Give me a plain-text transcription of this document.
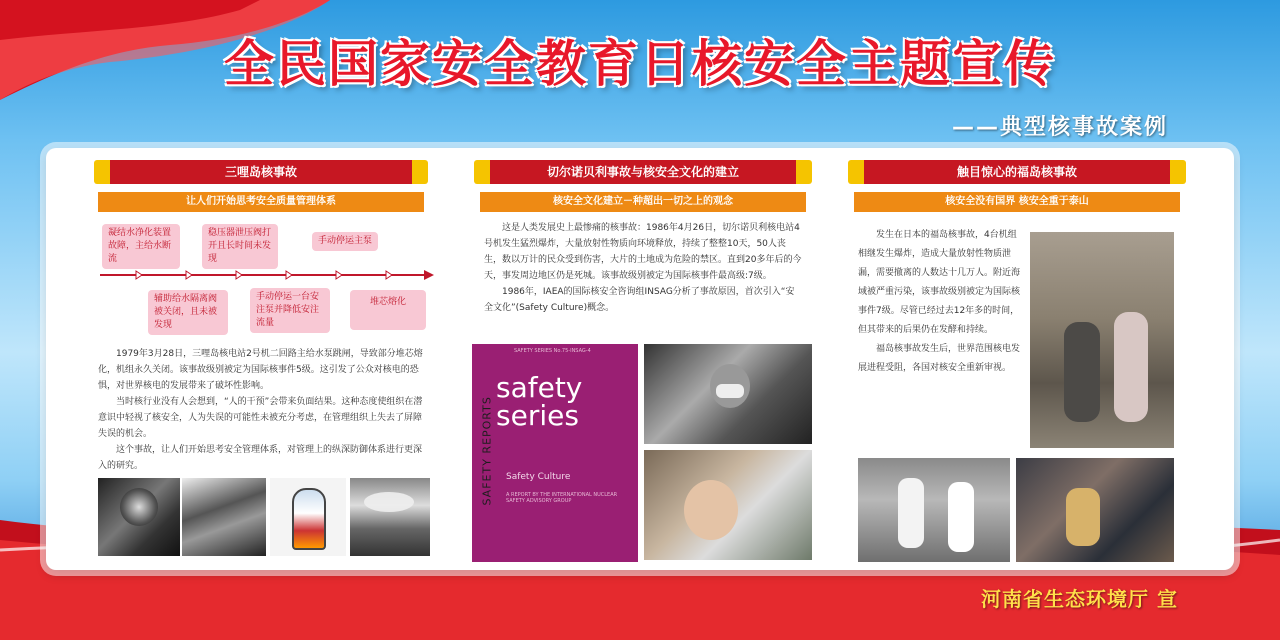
全民国家安全教育日核安全主题宣传
——典型核事故案例
三哩岛核事故
让人们开始思考安全质量管理体系
凝结水净化装置故障，主给水断流
稳压器泄压阀打开且长时间未发现
手动停运主泵
辅助给水隔离阀被关闭，且未被发现
手动停运一台安注泵并降低安注流量
堆芯熔化

1979年3月28日，三哩岛核电站2号机二回路主给水泵跳闸，导致部分堆芯熔化，机组永久关闭。该事故级别被定为国际核事件5级。这引发了公众对核电的恐惧，对世界核电的发展带来了破坏性影响。

当时核行业没有人会想到，“人的干预”会带来负面结果。这种态度使组织在潜意识中轻视了核安全，人为失误的可能性未被充分考虑，在管理组织上失去了屏障失误的机会。

这个事故，让人们开始思考安全管理体系，对管理上的纵深防御体系进行更深入的研究。

切尔诺贝利事故与核安全文化的建立
核安全文化建立－种超出一切之上的观念

这是人类发展史上最惨痛的核事故：1986年4月26日，切尔诺贝利核电站4号机发生猛烈爆炸，大量放射性物质向环境释放，持续了整整10天，50人丧生，数以万计的民众受到伤害，大片的土地成为危险的禁区。直到20多年后的今天，事发周边地区仍是死城。该事故级别被定为国际核事件最高级:7级。

1986年，IAEA的国际核安全咨询组INSAG分析了事故原因，首次引入“安全文化”(Safety Culture)概念。

SAFETY SERIES No.75-INSAG-4
SAFETY REPORTS
safety series
Safety Culture
A REPORT BY THE INTERNATIONAL NUCLEAR SAFETY ADVISORY GROUP
触目惊心的福岛核事故
核安全没有国界 核安全重于泰山

发生在日本的福岛核事故，4台机组相继发生爆炸，造成大量放射性物质泄漏，需要撤离的人数达十几万人。附近海域被严重污染，该事故级别被定为国际核事件7级。尽管已经过去12年多的时间，但其带来的后果仍在发酵和持续。

福岛核事故发生后，世界范围核电发展进程受阻，各国对核安全重新审视。

河南省生态环境厅 宣
